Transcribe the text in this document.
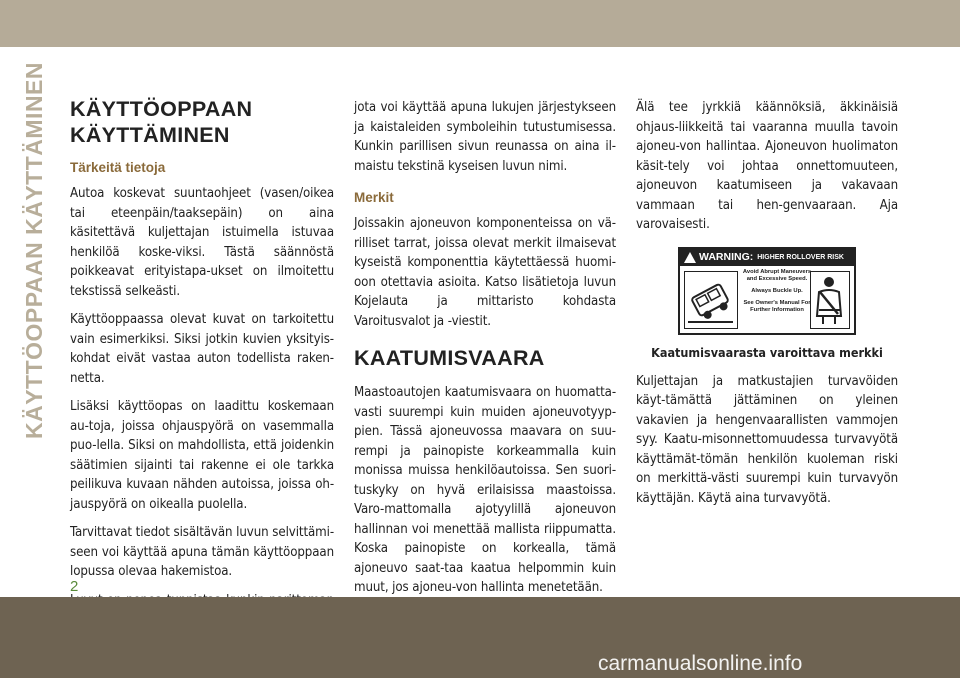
KÄYTTÖOPPAAN KÄYTTÄMINEN KÄYTTÖOPPAAN
KÄYTTÄMINEN
Tärkeitä tietoja

Autoa koskevat suuntaohjeet (vasen/oikea tai eteenpäin/taaksepäin) on aina käsitettävä kuljettajan istuimella istuvaa henkilöä koske-viksi. Tästä säännöstä poikkeavat erityistapa-ukset on ilmoitettu tekstissä selkeästi.

Käyttöoppaassa olevat kuvat on tarkoitettu vain esimerkiksi. Siksi jotkin kuvien yksityis-kohdat eivät vastaa auton todellista raken-netta.

Lisäksi käyttöopas on laadittu koskemaan au-toja, joissa ohjauspyörä on vasemmalla puo-lella. Siksi on mahdollista, että joidenkin säätimien sijainti tai rakenne ei ole tarkka peilikuva kuvaan nähden autoissa, joissa oh-jauspyörä on oikealla puolella.

Tarvittavat tiedot sisältävän luvun selvittämi-seen voi käyttää apuna tämän käyttöoppaan lopussa olevaa hakemistoa.

jota voi käyttää apuna lukujen järjestykseen ja kaistaleiden symboleihin tutustumisessa. Kunkin parillisen sivun reunassa on aina il-maistu tekstinä kyseisen luvun nimi.

Merkit

Joissakin ajoneuvon komponenteissa on vä-rilliset tarrat, joissa olevat merkit ilmaisevat kyseistä komponenttia käytettäessä huomi-oon otettavia asioita. Katso lisätietoja luvun Kojelauta ja mittaristo kohdasta Varoitusvalot ja -viestit.

KAATUMISVAARA

Maastoautojen kaatumisvaara on huomatta-vasti suurempi kuin muiden ajoneuvotyyp-pien. Tässä ajoneuvossa maavara on suu-rempi ja painopiste korkeammalla kuin monissa muissa henkilöautoissa. Sen suori-tuskyky on hyvä erilaisissa maastoissa. Varo-mattomalla ajotyylillä ajoneuvon hallinnan voi menettää mallista riippumatta. Koska painopiste on korkealla, tämä ajoneuvo saat-taa kaatua helpommin kuin muut, jos ajoneu-von hallinta menetetään.

Älä tee jyrkkiä käännöksiä, äkkinäisiä ohjaus-liikkeitä tai vaaranna muulla tavoin ajoneu-von hallintaa. Ajoneuvon huolimaton käsit-tely voi johtaa onnettomuuteen, ajoneuvon kaatumiseen ja vakavaan vammaan tai hen-genvaaraan. Aja varovaisesti.

WARNING: HIGHER ROLLOVER RISK
Avoid Abrupt Maneuvers and Excessive Speed.
Always Buckle Up.
See Owner's Manual For Further Information
Kaatumisvaarasta varoittava merkki

Kuljettajan ja matkustajien turvavöiden käyt-tämättä jättäminen on yleinen vakavien ja hengenvaarallisten vammojen syy. Kaatu-misonnettomuudessa turvavyötä käyttämät-tömän henkilön kuoleman riski on merkittä-västi suurempi kuin turvavyön käyttäjän. Käytä aina turvavyötä.

2
carmanualsonline.info
